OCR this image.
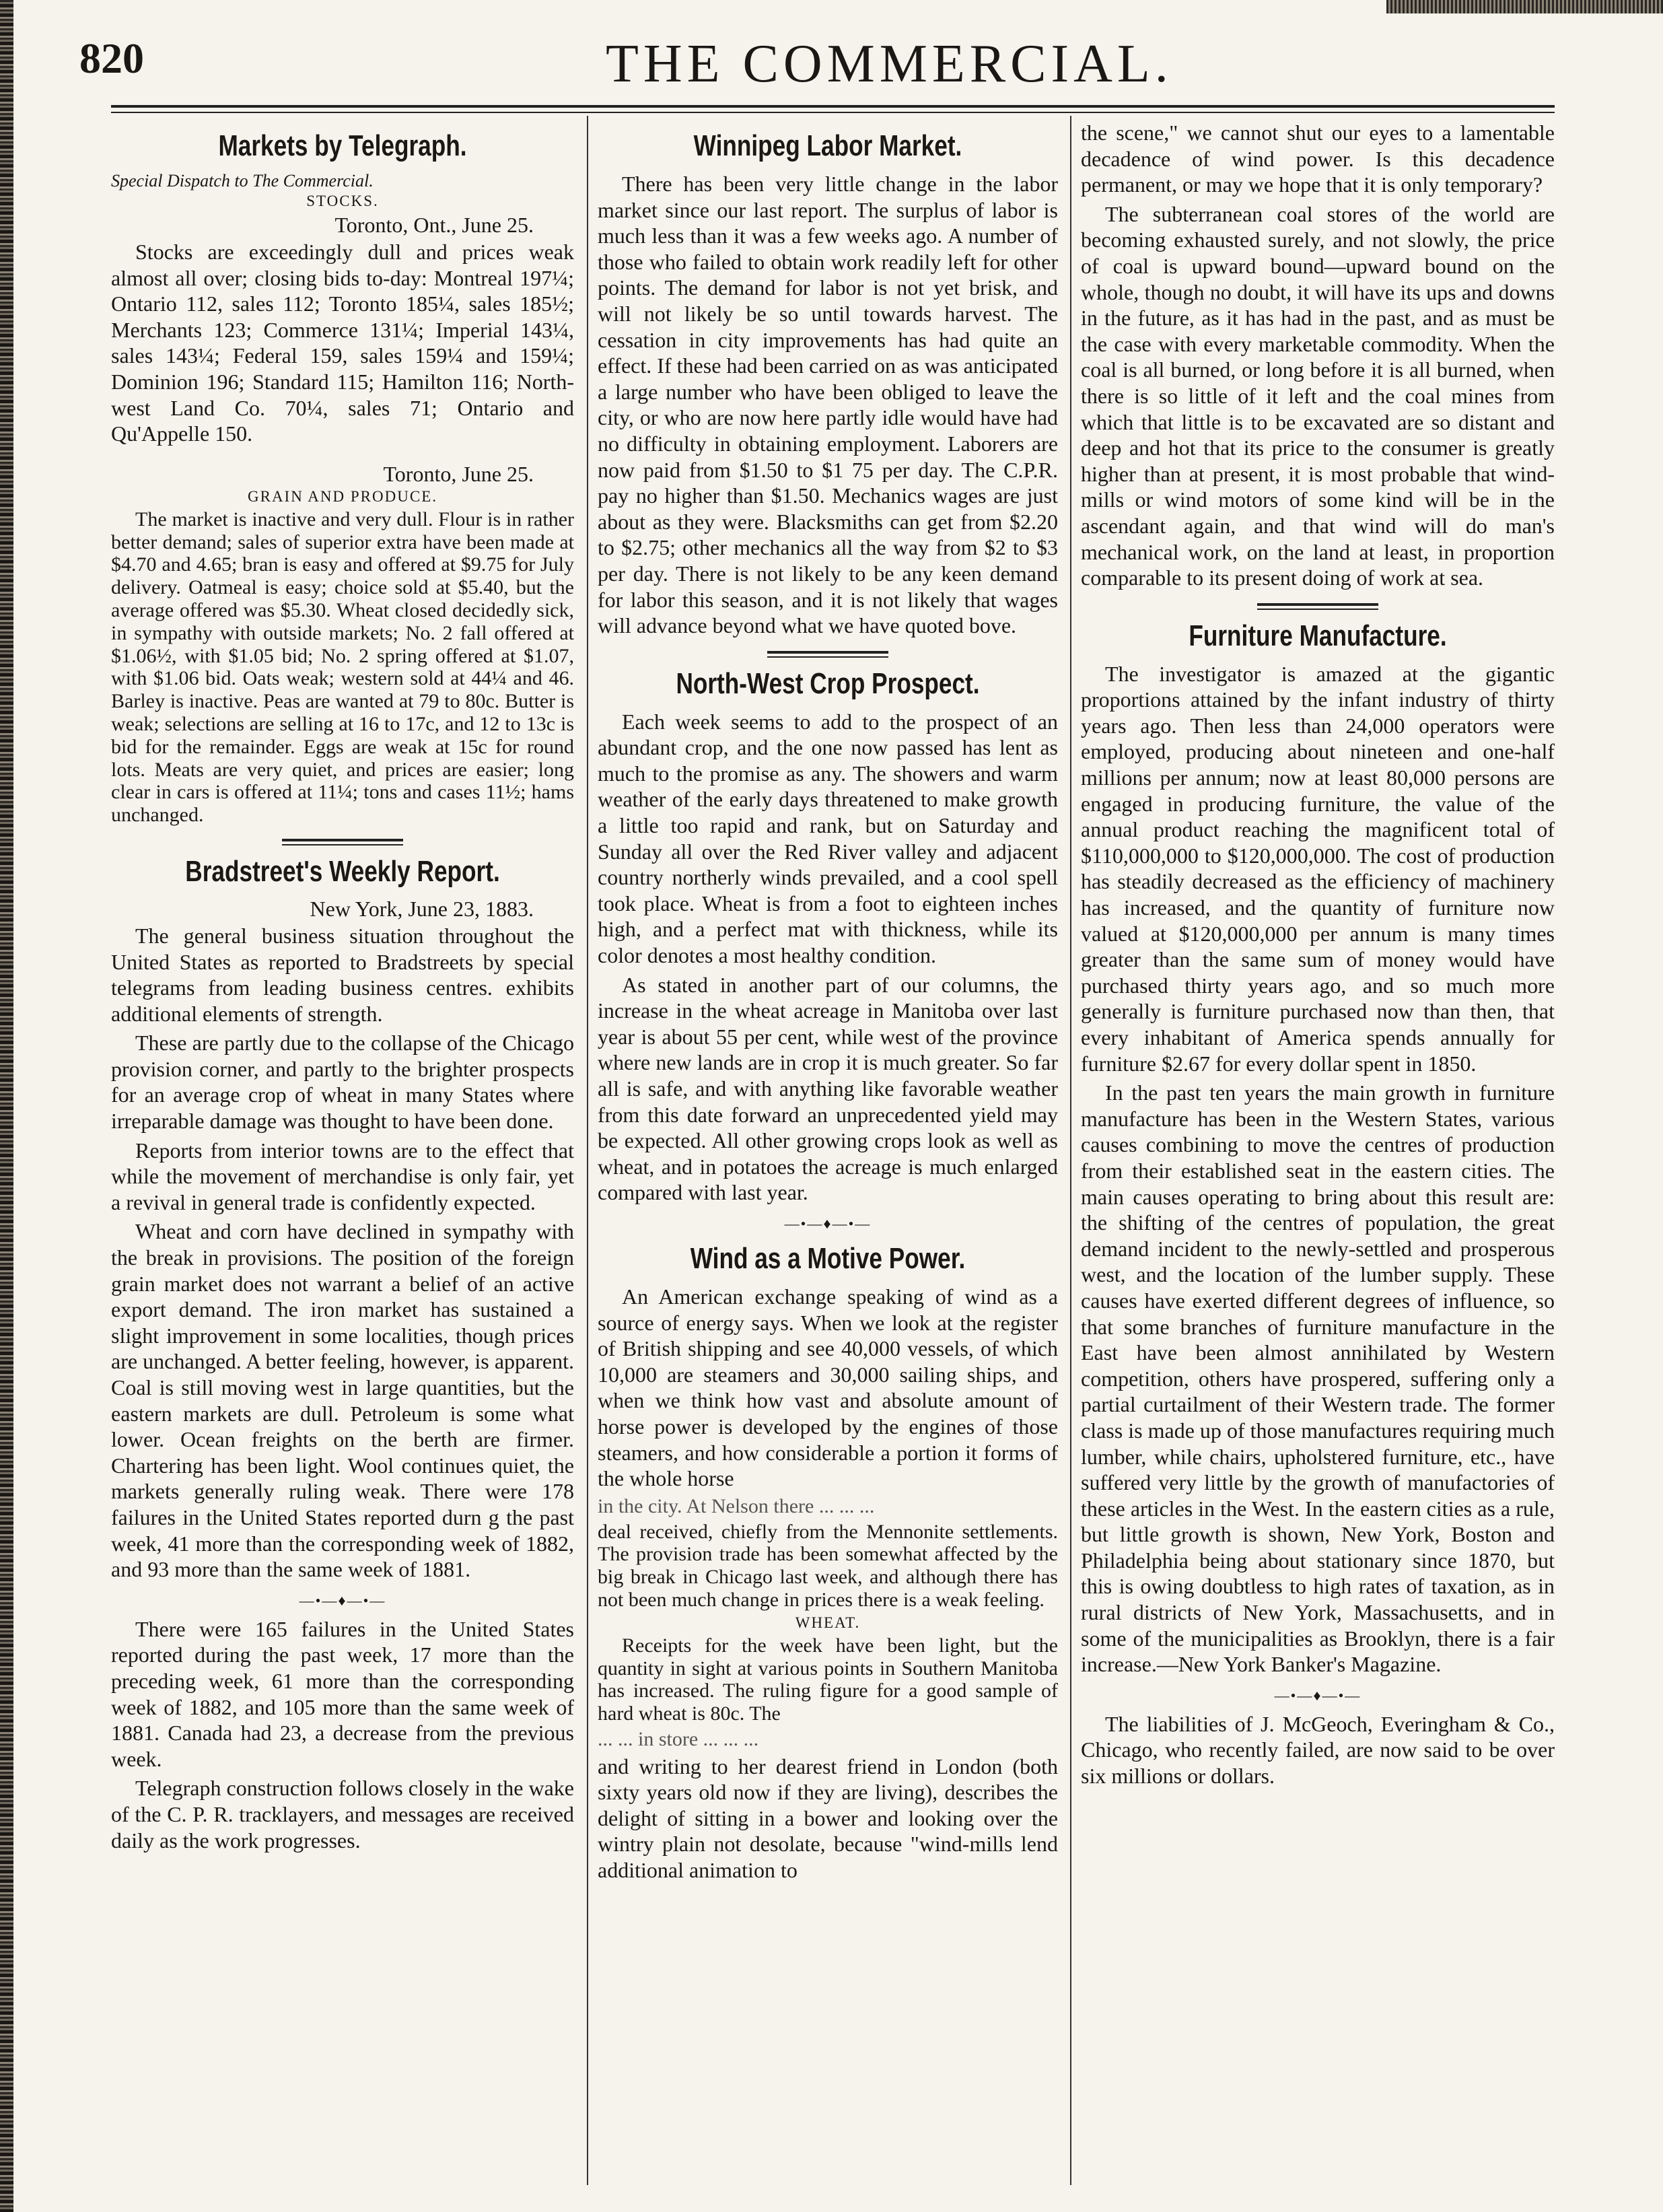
820	THE COMMERCIAL.
Markets by Telegraph.
Special Dispatch to The Commercial.
STOCKS.
Toronto, Ont., June 25.

Stocks are exceedingly dull and prices weak almost all over; closing bids to-day: Montreal 197¼; Ontario 112, sales 112; Toronto 185¼, sales 185½; Merchants 123; Commerce 131¼; Imperial 143¼, sales 143¼; Federal 159, sales 159¼ and 159¼; Dominion 196; Standard 115; Hamilton 116; North-west Land Co. 70¼, sales 71; Ontario and Qu'Appelle 150.

Toronto, June 25.
GRAIN AND PRODUCE.

The market is inactive and very dull. Flour is in rather better demand; sales of superior extra have been made at $4.70 and 4.65; bran is easy and offered at $9.75 for July delivery. Oatmeal is easy; choice sold at $5.40, but the average offered was $5.30. Wheat closed decidedly sick, in sympathy with outside markets; No. 2 fall offered at $1.06½, with $1.05 bid; No. 2 spring offered at $1.07, with $1.06 bid. Oats weak; western sold at 44¼ and 46. Barley is inactive. Peas are wanted at 79 to 80c. Butter is weak; selections are selling at 16 to 17c, and 12 to 13c is bid for the remainder. Eggs are weak at 15c for round lots. Meats are very quiet, and prices are easier; long clear in cars is offered at 11¼; tons and cases 11½; hams unchanged.

Bradstreet's Weekly Report.
New York, June 23, 1883.

The general business situation throughout the United States as reported to Bradstreets by special telegrams from leading business centres. exhibits additional elements of strength.

These are partly due to the collapse of the Chicago provision corner, and partly to the brighter prospects for an average crop of wheat in many States where irreparable damage was thought to have been done.

Reports from interior towns are to the effect that while the movement of merchandise is only fair, yet a revival in general trade is confidently expected.

Wheat and corn have declined in sympathy with the break in provisions. The position of the foreign grain market does not warrant a belief of an active export demand. The iron market has sustained a slight improvement in some localities, though prices are unchanged. A better feeling, however, is apparent. Coal is still moving west in large quantities, but the eastern markets are dull. Petroleum is some what lower. Ocean freights on the berth are firmer. Chartering has been light. Wool continues quiet, the markets generally ruling weak. There were 178 failures in the United States reported durn g the past week, 41 more than the corresponding week of 1882, and 93 more than the same week of 1881.

—•—♦—•—

There were 165 failures in the United States reported during the past week, 17 more than the preceding week, 61 more than the corresponding week of 1882, and 105 more than the same week of 1881. Canada had 23, a decrease from the previous week.

Telegraph construction follows closely in the wake of the C. P. R. tracklayers, and messages are received daily as the work progresses.

Winnipeg Labor Market.

There has been very little change in the labor market since our last report. The surplus of labor is much less than it was a few weeks ago. A number of those who failed to obtain work readily left for other points. The demand for labor is not yet brisk, and will not likely be so until towards harvest. The cessation in city improvements has had quite an effect. If these had been carried on as was anticipated a large number who have been obliged to leave the city, or who are now here partly idle would have had no difficulty in obtaining employment. Laborers are now paid from $1.50 to $1 75 per day. The C.P.R. pay no higher than $1.50. Mechanics wages are just about as they were. Blacksmiths can get from $2.20 to $2.75; other mechanics all the way from $2 to $3 per day. There is not likely to be any keen demand for labor this season, and it is not likely that wages will advance beyond what we have quoted bove.

North-West Crop Prospect.

Each week seems to add to the prospect of an abundant crop, and the one now passed has lent as much to the promise as any. The showers and warm weather of the early days threatened to make growth a little too rapid and rank, but on Saturday and Sunday all over the Red River valley and adjacent country northerly winds prevailed, and a cool spell took place. Wheat is from a foot to eighteen inches high, and a perfect mat with thickness, while its color denotes a most healthy condition.

As stated in another part of our columns, the increase in the wheat acreage in Manitoba over last year is about 55 per cent, while west of the province where new lands are in crop it is much greater. So far all is safe, and with anything like favorable weather from this date forward an unprecedented yield may be expected. All other growing crops look as well as wheat, and in potatoes the acreage is much enlarged compared with last year.

—•—♦—•—
Wind as a Motive Power.

An American exchange speaking of wind as a source of energy says. When we look at the register of British shipping and see 40,000 vessels, of which 10,000 are steamers and 30,000 sailing ships, and when we think how vast and absolute amount of horse power is developed by the engines of those steamers, and how considerable a portion it forms of the whole horse

in the city. At Nelson there ... ... ...

deal received, chiefly from the Mennonite settlements. The provision trade has been somewhat affected by the big break in Chicago last week, and although there has not been much change in prices there is a weak feeling.

WHEAT.

Receipts for the week have been light, but the quantity in sight at various points in Southern Manitoba has increased. The ruling figure for a good sample of hard wheat is 80c. The

... ... in store ... ... ...

and writing to her dearest friend in London (both sixty years old now if they are living), describes the delight of sitting in a bower and looking over the wintry plain not desolate, because "wind-mills lend additional animation to

the scene," we cannot shut our eyes to a lamentable decadence of wind power. Is this decadence permanent, or may we hope that it is only temporary?

The subterranean coal stores of the world are becoming exhausted surely, and not slowly, the price of coal is upward bound—upward bound on the whole, though no doubt, it will have its ups and downs in the future, as it has had in the past, and as must be the case with every marketable commodity. When the coal is all burned, or long before it is all burned, when there is so little of it left and the coal mines from which that little is to be excavated are so distant and deep and hot that its price to the consumer is greatly higher than at present, it is most probable that wind-mills or wind motors of some kind will be in the ascendant again, and that wind will do man's mechanical work, on the land at least, in proportion comparable to its present doing of work at sea.

Furniture Manufacture.

The investigator is amazed at the gigantic proportions attained by the infant industry of thirty years ago. Then less than 24,000 operators were employed, producing about nineteen and one-half millions per annum; now at least 80,000 persons are engaged in producing furniture, the value of the annual product reaching the magnificent total of $110,000,000 to $120,000,000. The cost of production has steadily decreased as the efficiency of machinery has increased, and the quantity of furniture now valued at $120,000,000 per annum is many times greater than the same sum of money would have purchased thirty years ago, and so much more generally is furniture purchased now than then, that every inhabitant of America spends annually for furniture $2.67 for every dollar spent in 1850.

In the past ten years the main growth in furniture manufacture has been in the Western States, various causes combining to move the centres of production from their established seat in the eastern cities. The main causes operating to bring about this result are: the shifting of the centres of population, the great demand incident to the newly-settled and prosperous west, and the location of the lumber supply. These causes have exerted different degrees of influence, so that some branches of furniture manufacture in the East have been almost annihilated by Western competition, others have prospered, suffering only a partial curtailment of their Western trade. The former class is made up of those manufactures requiring much lumber, while chairs, upholstered furniture, etc., have suffered very little by the growth of manufactories of these articles in the West. In the eastern cities as a rule, but little growth is shown, New York, Boston and Philadelphia being about stationary since 1870, but this is owing doubtless to high rates of taxation, as in rural districts of New York, Massachusetts, and in some of the municipalities as Brooklyn, there is a fair increase.—New York Banker's Magazine.

—•—♦—•—

The liabilities of J. McGeoch, Everingham & Co., Chicago, who recently failed, are now said to be over six millions or dollars.
